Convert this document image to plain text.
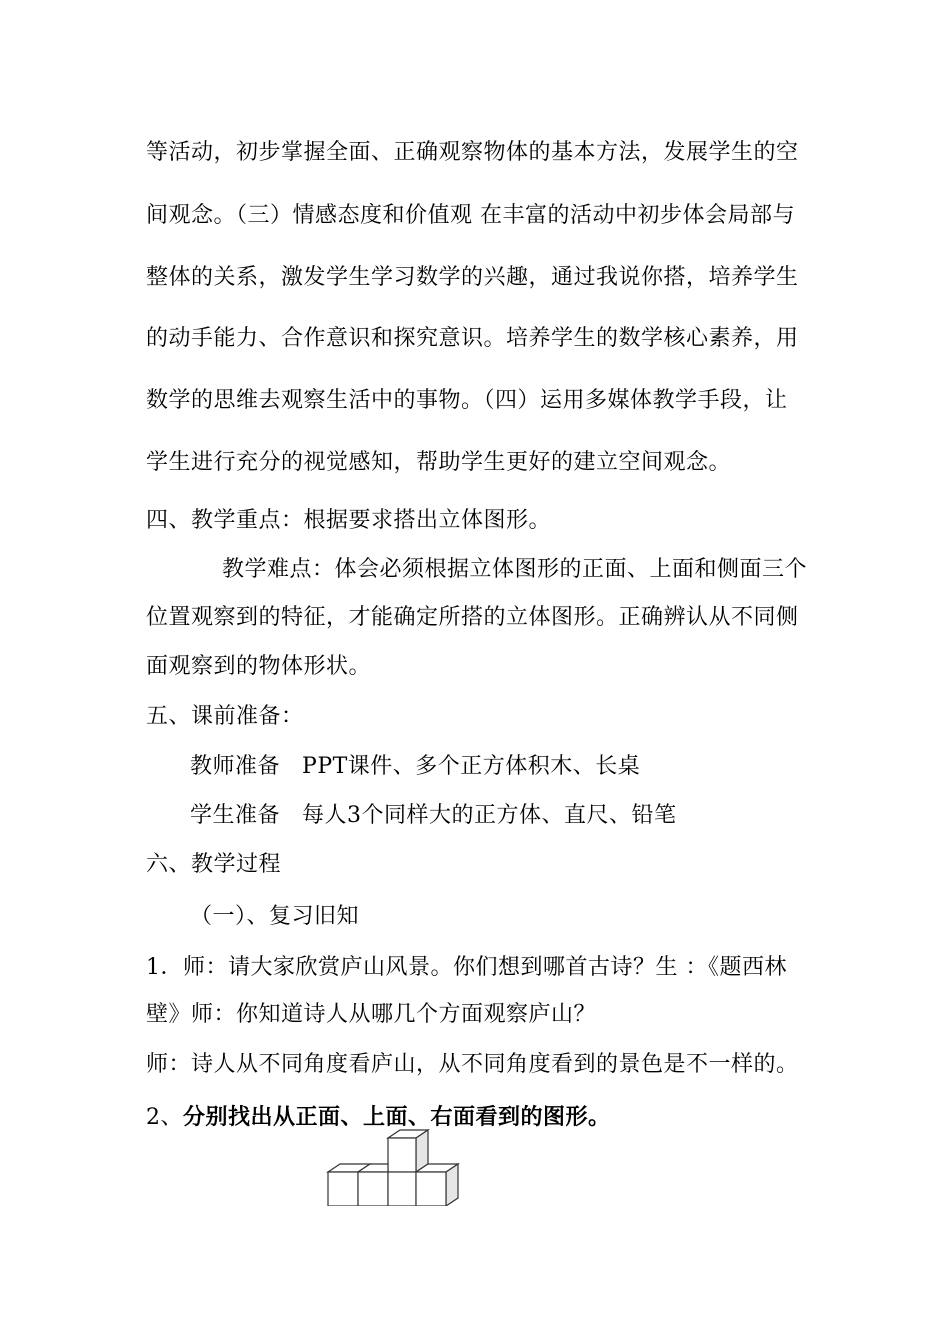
等活动，初步掌握全面、正确观察物体的基本方法，发展学生的空
间观念。（三）情感态度和价值观 在丰富的活动中初步体会局部与
整体的关系，激发学生学习数学的兴趣，通过我说你搭，培养学生
的动手能力、合作意识和探究意识。培养学生的数学核心素养，用
数学的思维去观察生活中的事物。（四）运用多媒体教学手段，让
学生进行充分的视觉感知，帮助学生更好的建立空间观念。
四、教学重点：根据要求搭出立体图形。
教学难点：体会必须根据立体图形的正面、上面和侧面三个
位置观察到的特征，才能确定所搭的立体图形。正确辨认从不同侧
面观察到的物体形状。
五、课前准备：
教师准备 PPT课件、多个正方体积木、长桌
学生准备 每人3个同样大的正方体、直尺、铅笔
六、教学过程
（一）、复习旧知
1．师：请大家欣赏庐山风景。你们想到哪首古诗？生 ：《题西林
壁》师：你知道诗人从哪几个方面观察庐山？
师：诗人从不同角度看庐山，从不同角度看到的景色是不一样的。
2、分别找出从正面、上面、右面看到的图形。
